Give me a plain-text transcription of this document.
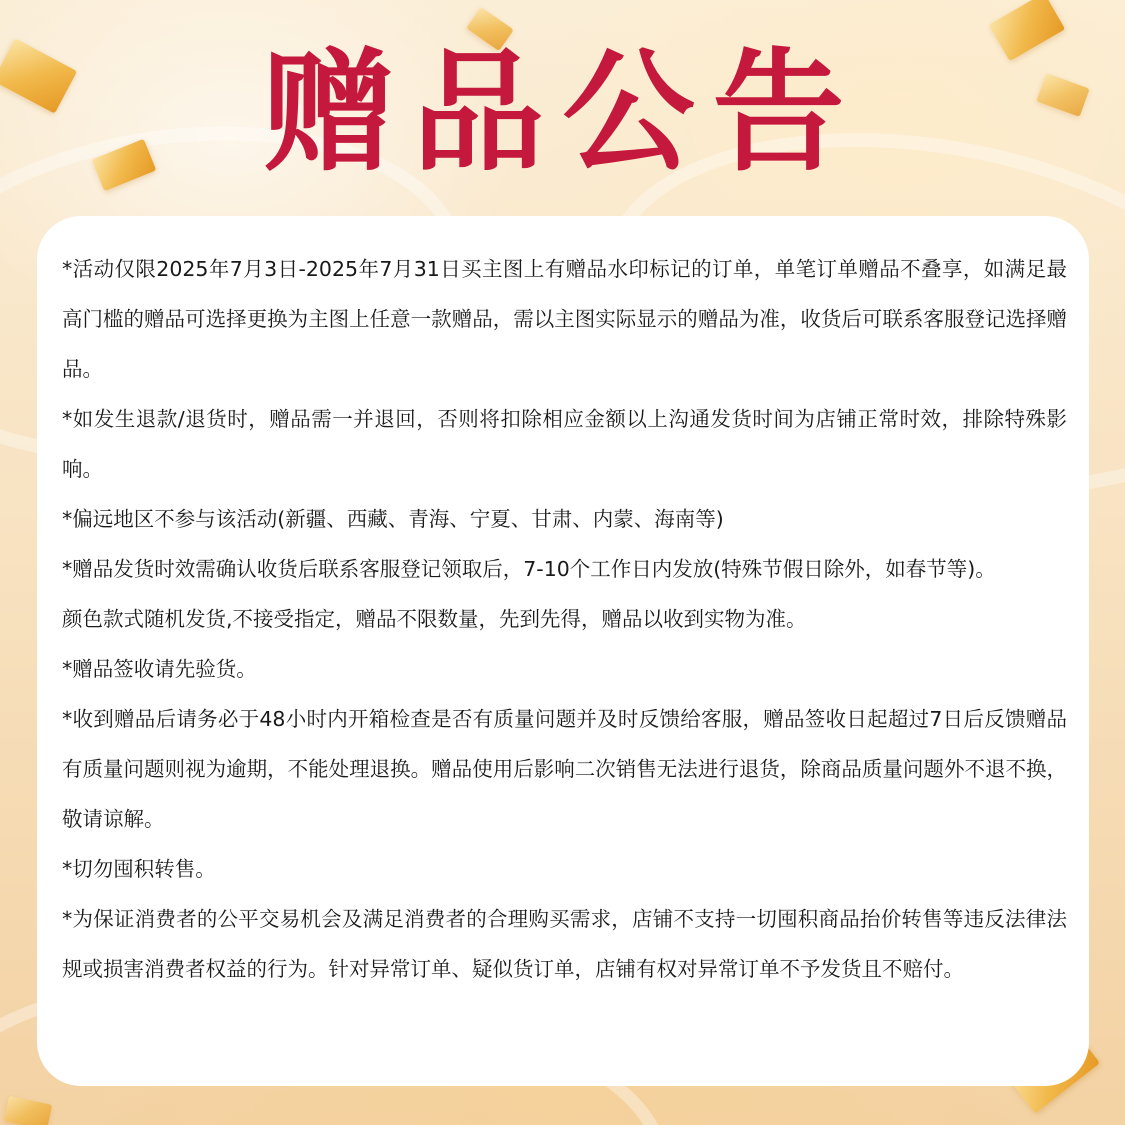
赠品公告

*活动仅限2025年7月3日-2025年7月31日买主图上有赠品水印标记的订单，单笔订单赠品不叠享，如满足最高门槛的赠品可选择更换为主图上任意一款赠品，需以主图实际显示的赠品为准，收货后可联系客服登记选择赠品。

*如发生退款/退货时，赠品需一并退回，否则将扣除相应金额以上沟通发货时间为店铺正常时效，排除特殊影响。

*偏远地区不参与该活动(新疆、西藏、青海、宁夏、甘肃、内蒙、海南等)

*赠品发货时效需确认收货后联系客服登记领取后，7-10个工作日内发放(特殊节假日除外，如春节等)。

颜色款式随机发货,不接受指定，赠品不限数量，先到先得，赠品以收到实物为准。

*赠品签收请先验货。

*收到赠品后请务必于48小时内开箱检查是否有质量问题并及时反馈给客服，赠品签收日起超过7日后反馈赠品有质量问题则视为逾期，不能处理退换。赠品使用后影响二次销售无法进行退货，除商品质量问题外不退不换，敬请谅解。

*切勿囤积转售。

*为保证消费者的公平交易机会及满足消费者的合理购买需求，店铺不支持一切囤积商品抬价转售等违反法律法规或损害消费者权益的行为。针对异常订单、疑似货订单，店铺有权对异常订单不予发货且不赔付。
